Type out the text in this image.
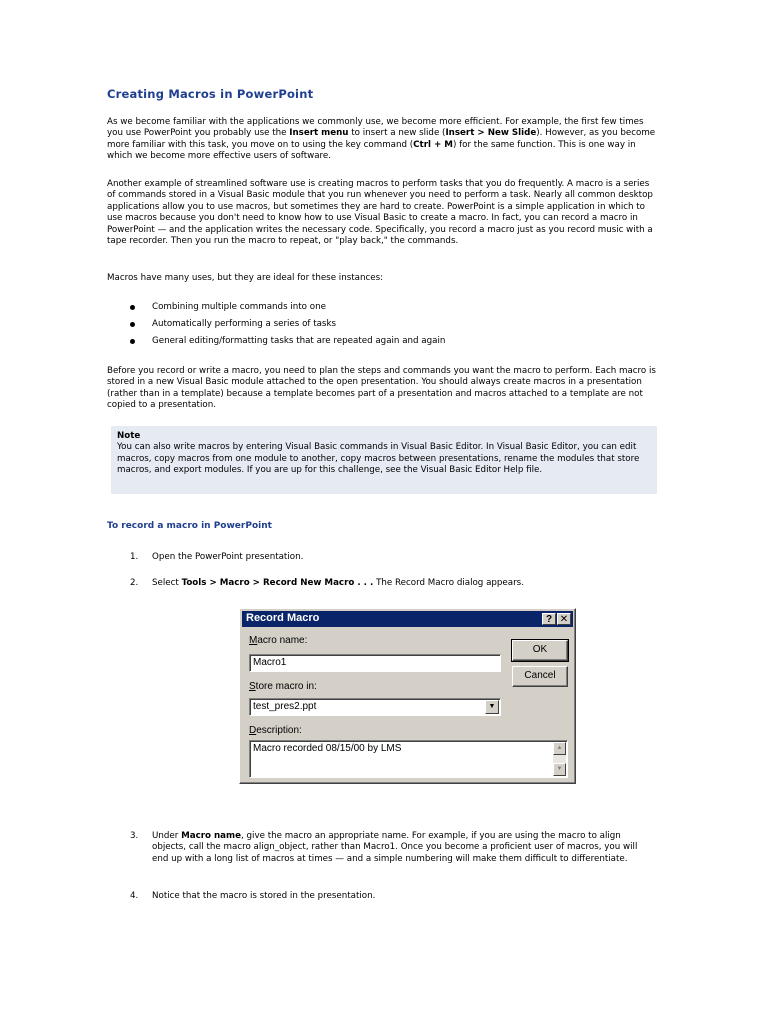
Creating Macros in PowerPoint

As we become familiar with the applications we commonly use, we become more efficient. For example, the first few times you use PowerPoint you probably use the Insert menu to insert a new slide (Insert > New Slide). However, as you become more familiar with this task, you move on to using the key command (Ctrl + M) for the same function. This is one way in which we become more effective users of software.

Another example of streamlined software use is creating macros to perform tasks that you do frequently. A macro is a series of commands stored in a Visual Basic module that you run whenever you need to perform a task. Nearly all common desktop applications allow you to use macros, but sometimes they are hard to create. PowerPoint is a simple application in which to use macros because you don't need to know how to use Visual Basic to create a macro. In fact, you can record a macro in PowerPoint — and the application writes the necessary code. Specifically, you record a macro just as you record music with a tape recorder. Then you run the macro to repeat, or "play back," the commands.

Macros have many uses, but they are ideal for these instances:

Combining multiple commands into one
Automatically performing a series of tasks
General editing/formatting tasks that are repeated again and again

Before you record or write a macro, you need to plan the steps and commands you want the macro to perform. Each macro is stored in a new Visual Basic module attached to the open presentation. You should always create macros in a presentation (rather than in a template) because a template becomes part of a presentation and macros attached to a template are not copied to a presentation.

Note
You can also write macros by entering Visual Basic commands in Visual Basic Editor. In Visual Basic Editor, you can edit macros, copy macros from one module to another, copy macros between presentations, rename the modules that store macros, and export modules. If you are up for this challenge, see the Visual Basic Editor Help file.
To record a macro in PowerPoint
1. Open the PowerPoint presentation.
2. Select Tools > Macro > Record New Macro . . . The Record Macro dialog appears.
3. Under Macro name, give the macro an appropriate name. For example, if you are using the macro to align objects, call the macro align_object, rather than Macro1. Once you become a proficient user of macros, you will end up with a long list of macros at times — and a simple numbering will make them difficult to differentiate.
4. Notice that the macro is stored in the presentation.
Record Macro	? ✕
Macro name:
Macro1
Store macro in:
test_pres2.ppt	▼
Description:
Macro recorded 08/15/00 by LMS	▲
▼
OK
Cancel
